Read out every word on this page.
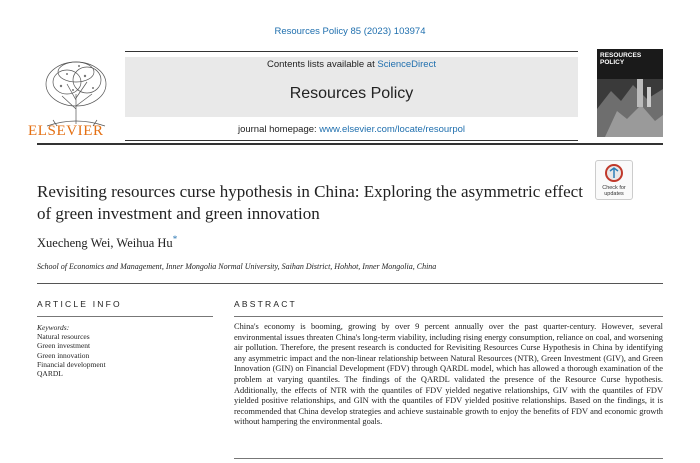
Resources Policy 85 (2023) 103974
ELSEVIER
Contents lists available at ScienceDirect
Resources Policy
journal homepage: www.elsevier.com/locate/resourpol
RESOURCES POLICY
Revisiting resources curse hypothesis in China: Exploring the asymmetric effect of green investment and green innovation
Check for
updates
Xuecheng Wei, Weihua Hu*
School of Economics and Management, Inner Mongolia Normal University, Saihan District, Hohhot, Inner Mongolia, China
ARTICLE INFO
Keywords:
Natural resources
Green investment
Green innovation
Financial development
QARDL
ABSTRACT
China's economy is booming, growing by over 9 percent annually over the past quarter-century. However, several environmental issues threaten China's long-term viability, including rising energy consumption, reliance on coal, and worsening air pollution. Therefore, the present research is conducted for Revisiting Resources Curse Hypothesis in China by identifying any asymmetric impact and the non-linear relationship between Natural Resources (NTR), Green Investment (GIV), and Green Innovation (GIN) on Financial Development (FDV) through QARDL model, which has allowed a thorough examination of the problem at varying quantiles. The findings of the QARDL validated the presence of the Resource Curse hypothesis. Additionally, the effects of NTR with the quantiles of FDV yielded negative relationships, GIV with the quantiles of FDV yielded positive relationships, and GIN with the quantiles of FDV yielded positive relationships. Based on the findings, it is recommended that China develop strategies and achieve sustainable growth to enjoy the benefits of FDV and economic growth without hampering the environmental goals.
